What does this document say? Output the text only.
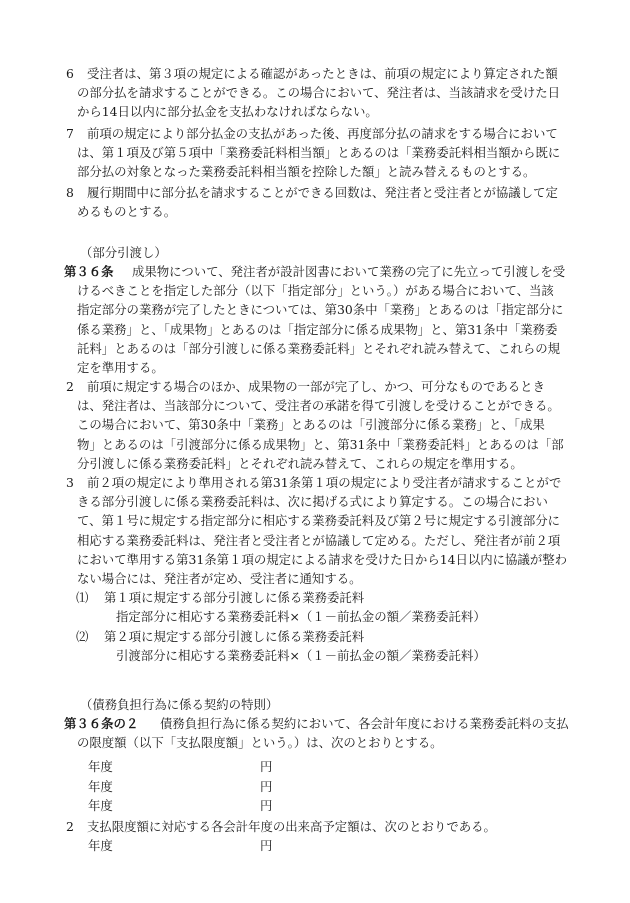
6	受注者は、第３項の規定による確認があったときは、前項の規定により算定された額
の部分払を請求することができる。この場合において、発注者は、当該請求を受けた日
から14日以内に部分払金を支払わなければならない。
7	前項の規定により部分払金の支払があった後、再度部分払の請求をする場合において
は、第１項及び第５項中「業務委託料相当額」とあるのは「業務委託料相当額から既に
部分払の対象となった業務委託料相当額を控除した額」と読み替えるものとする。
8	履行期間中に部分払を請求することができる回数は、発注者と受注者とが協議して定
めるものとする。
（部分引渡し）
第３６条	成果物について、発注者が設計図書において業務の完了に先立って引渡しを受
けるべきことを指定した部分（以下「指定部分」という。）がある場合において、当該
指定部分の業務が完了したときについては、第30条中「業務」とあるのは「指定部分に
係る業務」と、「成果物」とあるのは「指定部分に係る成果物」と、第31条中「業務委
託料」とあるのは「部分引渡しに係る業務委託料」とそれぞれ読み替えて、これらの規
定を準用する。
2	前項に規定する場合のほか、成果物の一部が完了し、かつ、可分なものであるとき
は、発注者は、当該部分について、受注者の承諾を得て引渡しを受けることができる。
この場合において、第30条中「業務」とあるのは「引渡部分に係る業務」と、「成果
物」とあるのは「引渡部分に係る成果物」と、第31条中「業務委託料」とあるのは「部
分引渡しに係る業務委託料」とそれぞれ読み替えて、これらの規定を準用する。
3	前２項の規定により準用される第31条第１項の規定により受注者が請求することがで
きる部分引渡しに係る業務委託料は、次に掲げる式により算定する。この場合におい
て、第１号に規定する指定部分に相応する業務委託料及び第２号に規定する引渡部分に
相応する業務委託料は、発注者と受注者とが協議して定める。ただし、発注者が前２項
において準用する第31条第１項の規定による請求を受けた日から14日以内に協議が整わ
ない場合には、発注者が定め、受注者に通知する。
⑴ 第１項に規定する部分引渡しに係る業務委託料
指定部分に相応する業務委託料×（１－前払金の額／業務委託料）
⑵ 第２項に規定する部分引渡しに係る業務委託料
引渡部分に相応する業務委託料×（１－前払金の額／業務委託料）
（債務負担行為に係る契約の特則）
第３６条の２	債務負担行為に係る契約において、各会計年度における業務委託料の支払
の限度額（以下「支払限度額」という。）は、次のとおりとする。
年度	円
年度	円
年度	円
2	支払限度額に対応する各会計年度の出来高予定額は、次のとおりである。
年度	円
